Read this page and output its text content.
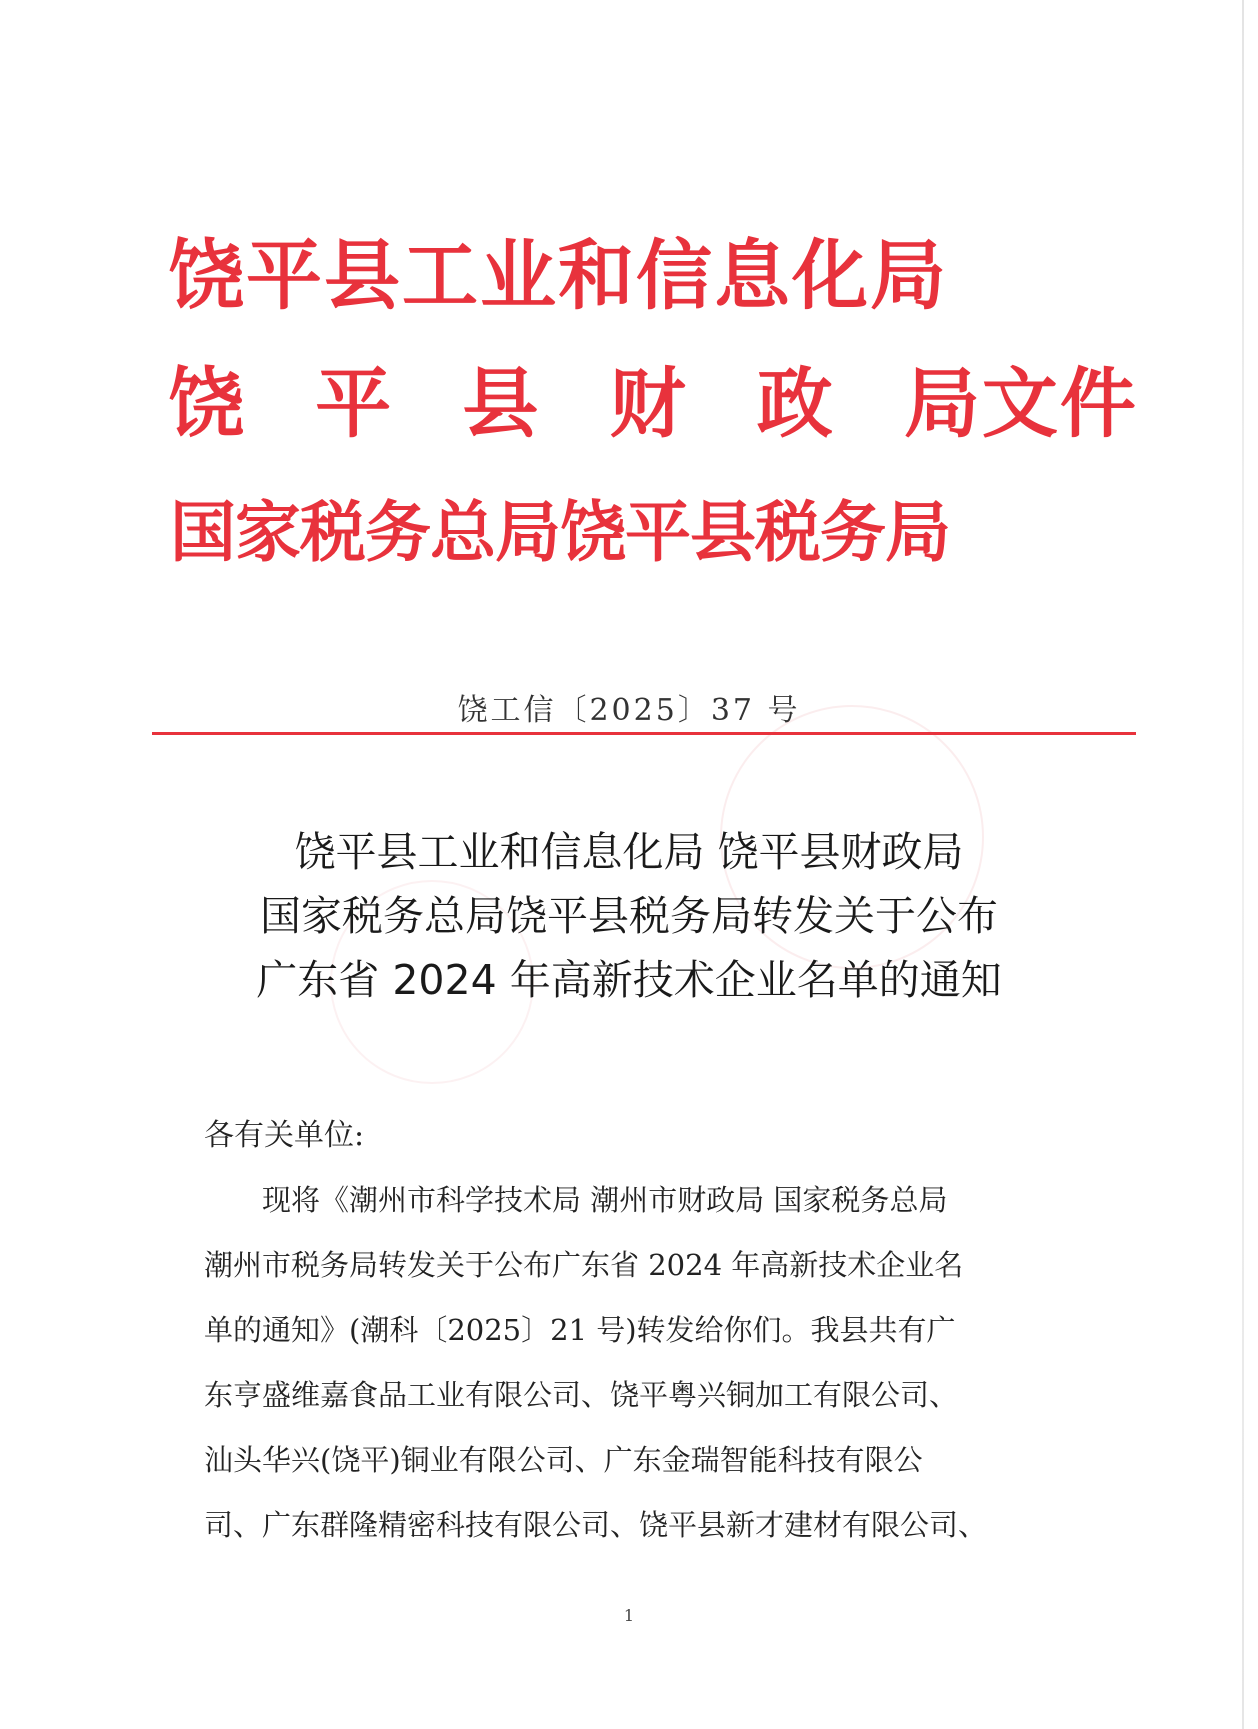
饶平县工业和信息化局
饶 平 县 财 政 局文件
国家税务总局饶平县税务局
饶工信〔2025〕37 号
饶平县工业和信息化局 饶平县财政局
国家税务总局饶平县税务局转发关于公布
广东省 2024 年高新技术企业名单的通知
各有关单位:
现将《潮州市科学技术局 潮州市财政局 国家税务总局
潮州市税务局转发关于公布广东省 2024 年高新技术企业名
单的通知》(潮科〔2025〕21 号)转发给你们。我县共有广
东亨盛维嘉食品工业有限公司、饶平粤兴铜加工有限公司、
汕头华兴(饶平)铜业有限公司、广东金瑞智能科技有限公
司、广东群隆精密科技有限公司、饶平县新才建材有限公司、
1
